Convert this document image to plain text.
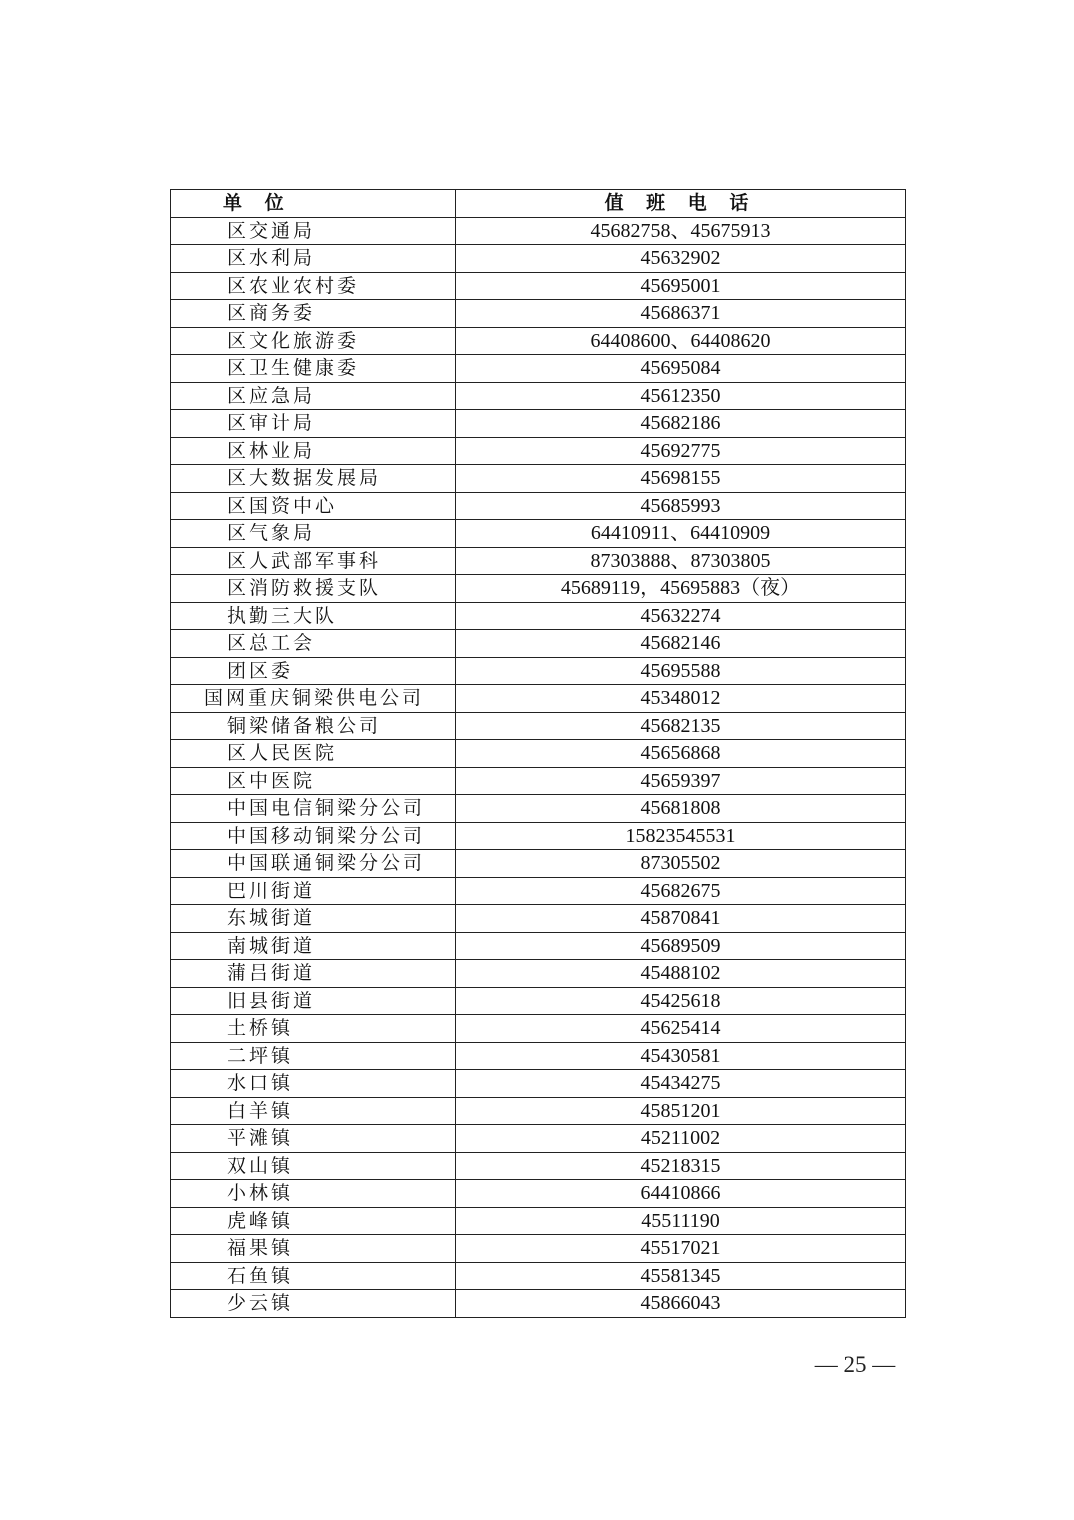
单 位	值 班 电 话
区交通局	45682758、45675913
区水利局	45632902
区农业农村委	45695001
区商务委	45686371
区文化旅游委	64408600、64408620
区卫生健康委	45695084
区应急局	45612350
区审计局	45682186
区林业局	45692775
区大数据发展局	45698155
区国资中心	45685993
区气象局	64410911、64410909
区人武部军事科	87303888、87303805
区消防救援支队	45689119，45695883（夜）
执勤三大队	45632274
区总工会	45682146
团区委	45695588
国网重庆铜梁供电公司	45348012
铜梁储备粮公司	45682135
区人民医院	45656868
区中医院	45659397
中国电信铜梁分公司	45681808
中国移动铜梁分公司	15823545531
中国联通铜梁分公司	87305502
巴川街道	45682675
东城街道	45870841
南城街道	45689509
蒲吕街道	45488102
旧县街道	45425618
土桥镇	45625414
二坪镇	45430581
水口镇	45434275
白羊镇	45851201
平滩镇	45211002
双山镇	45218315
小林镇	64410866
虎峰镇	45511190
福果镇	45517021
石鱼镇	45581345
少云镇	45866043
— 25 —
